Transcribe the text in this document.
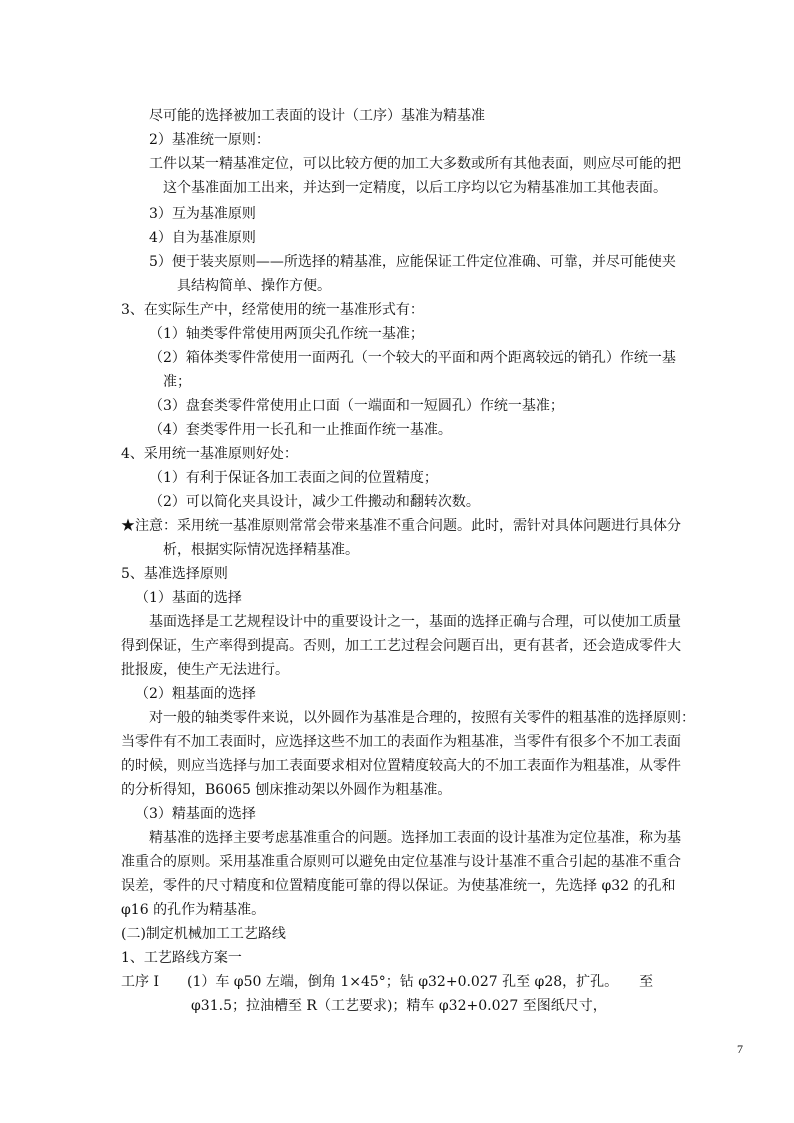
尽可能的选择被加工表面的设计（工序）基准为精基准
2）基准统一原则：
工件以某一精基准定位，可以比较方便的加工大多数或所有其他表面，则应尽可能的把
这个基准面加工出来，并达到一定精度，以后工序均以它为精基准加工其他表面。
3）互为基准原则
4）自为基准原则
5）便于装夹原则——所选择的精基准，应能保证工件定位准确、可靠，并尽可能使夹
具结构简单、操作方便。
3、在实际生产中，经常使用的统一基准形式有：
（1）轴类零件常使用两顶尖孔作统一基准；
（2）箱体类零件常使用一面两孔（一个较大的平面和两个距离较远的销孔）作统一基
准；
（3）盘套类零件常使用止口面（一端面和一短圆孔）作统一基准；
（4）套类零件用一长孔和一止推面作统一基准。
4、采用统一基准原则好处：
（1）有利于保证各加工表面之间的位置精度；
（2）可以简化夹具设计，减少工件搬动和翻转次数。
★注意：采用统一基准原则常常会带来基准不重合问题。此时，需针对具体问题进行具体分
析，根据实际情况选择精基准。
5、基准选择原则
（1）基面的选择
基面选择是工艺规程设计中的重要设计之一，基面的选择正确与合理，可以使加工质量
得到保证，生产率得到提高。否则，加工工艺过程会问题百出，更有甚者，还会造成零件大
批报废，使生产无法进行。
（2）粗基面的选择
对一般的轴类零件来说，以外圆作为基准是合理的，按照有关零件的粗基准的选择原则：
当零件有不加工表面时，应选择这些不加工的表面作为粗基准，当零件有很多个不加工表面
的时候，则应当选择与加工表面要求相对位置精度较高大的不加工表面作为粗基准，从零件
的分析得知，B6065 刨床推动架以外圆作为粗基准。
（3）精基面的选择
精基准的选择主要考虑基准重合的问题。选择加工表面的设计基准为定位基准，称为基
准重合的原则。采用基准重合原则可以避免由定位基准与设计基准不重合引起的基准不重合
误差，零件的尺寸精度和位置精度能可靠的得以保证。为使基准统一，先选择 φ32 的孔和
φ16 的孔作为精基准。
(二)制定机械加工工艺路线
1、工艺路线方案一
工序 I　　(1）车 φ50 左端，倒角 1×45°；钻 φ32+0.027 孔至 φ28，扩孔。　　至
φ31.5；拉油槽至 R（工艺要求)；精车 φ32+0.027 至图纸尺寸，
7
